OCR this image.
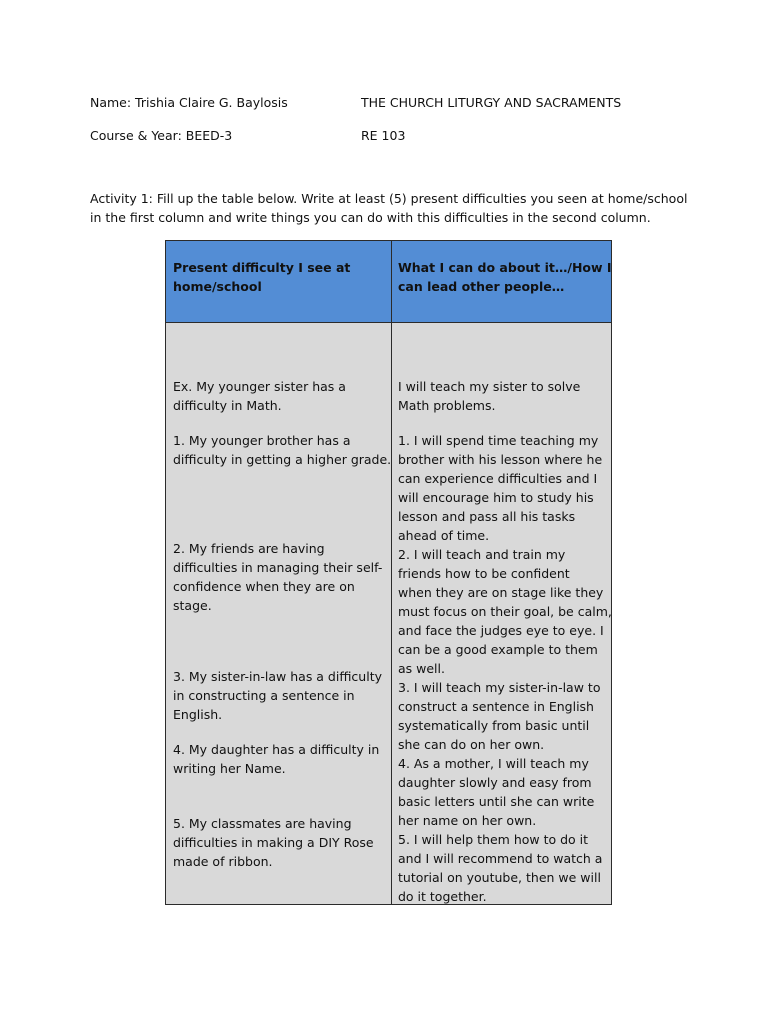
Name: Trishia Claire G. Baylosis	THE CHURCH LITURGY AND SACRAMENTS
Course & Year: BEED-3	RE 103
Activity 1: Fill up the table below. Write at least (5) present difficulties you seen at home/school
in the first column and write things you can do with this difficulties in the second column.
Present difficulty I see at
home/school
What I can do about it…/How I
can lead other people…
Ex. My younger sister has a
difficulty in Math.
1. My younger brother has a
difficulty in getting a higher grade.
2. My friends are having
difficulties in managing their self-
confidence when they are on
stage.
3. My sister-in-law has a difficulty
in constructing a sentence in
English.
4. My daughter has a difficulty in
writing her Name.
5. My classmates are having
difficulties in making a DIY Rose
made of ribbon.
I will teach my sister to solve
Math problems.
1. I will spend time teaching my
brother with his lesson where he
can experience difficulties and I
will encourage him to study his
lesson and pass all his tasks
ahead of time.
2. I will teach and train my
friends how to be confident
when they are on stage like they
must focus on their goal, be calm,
and face the judges eye to eye. I
can be a good example to them
as well.
3. I will teach my sister-in-law to
construct a sentence in English
systematically from basic until
she can do on her own.
4. As a mother, I will teach my
daughter slowly and easy from
basic letters until she can write
her name on her own.
5. I will help them how to do it
and I will recommend to watch a
tutorial on youtube, then we will
do it together.
